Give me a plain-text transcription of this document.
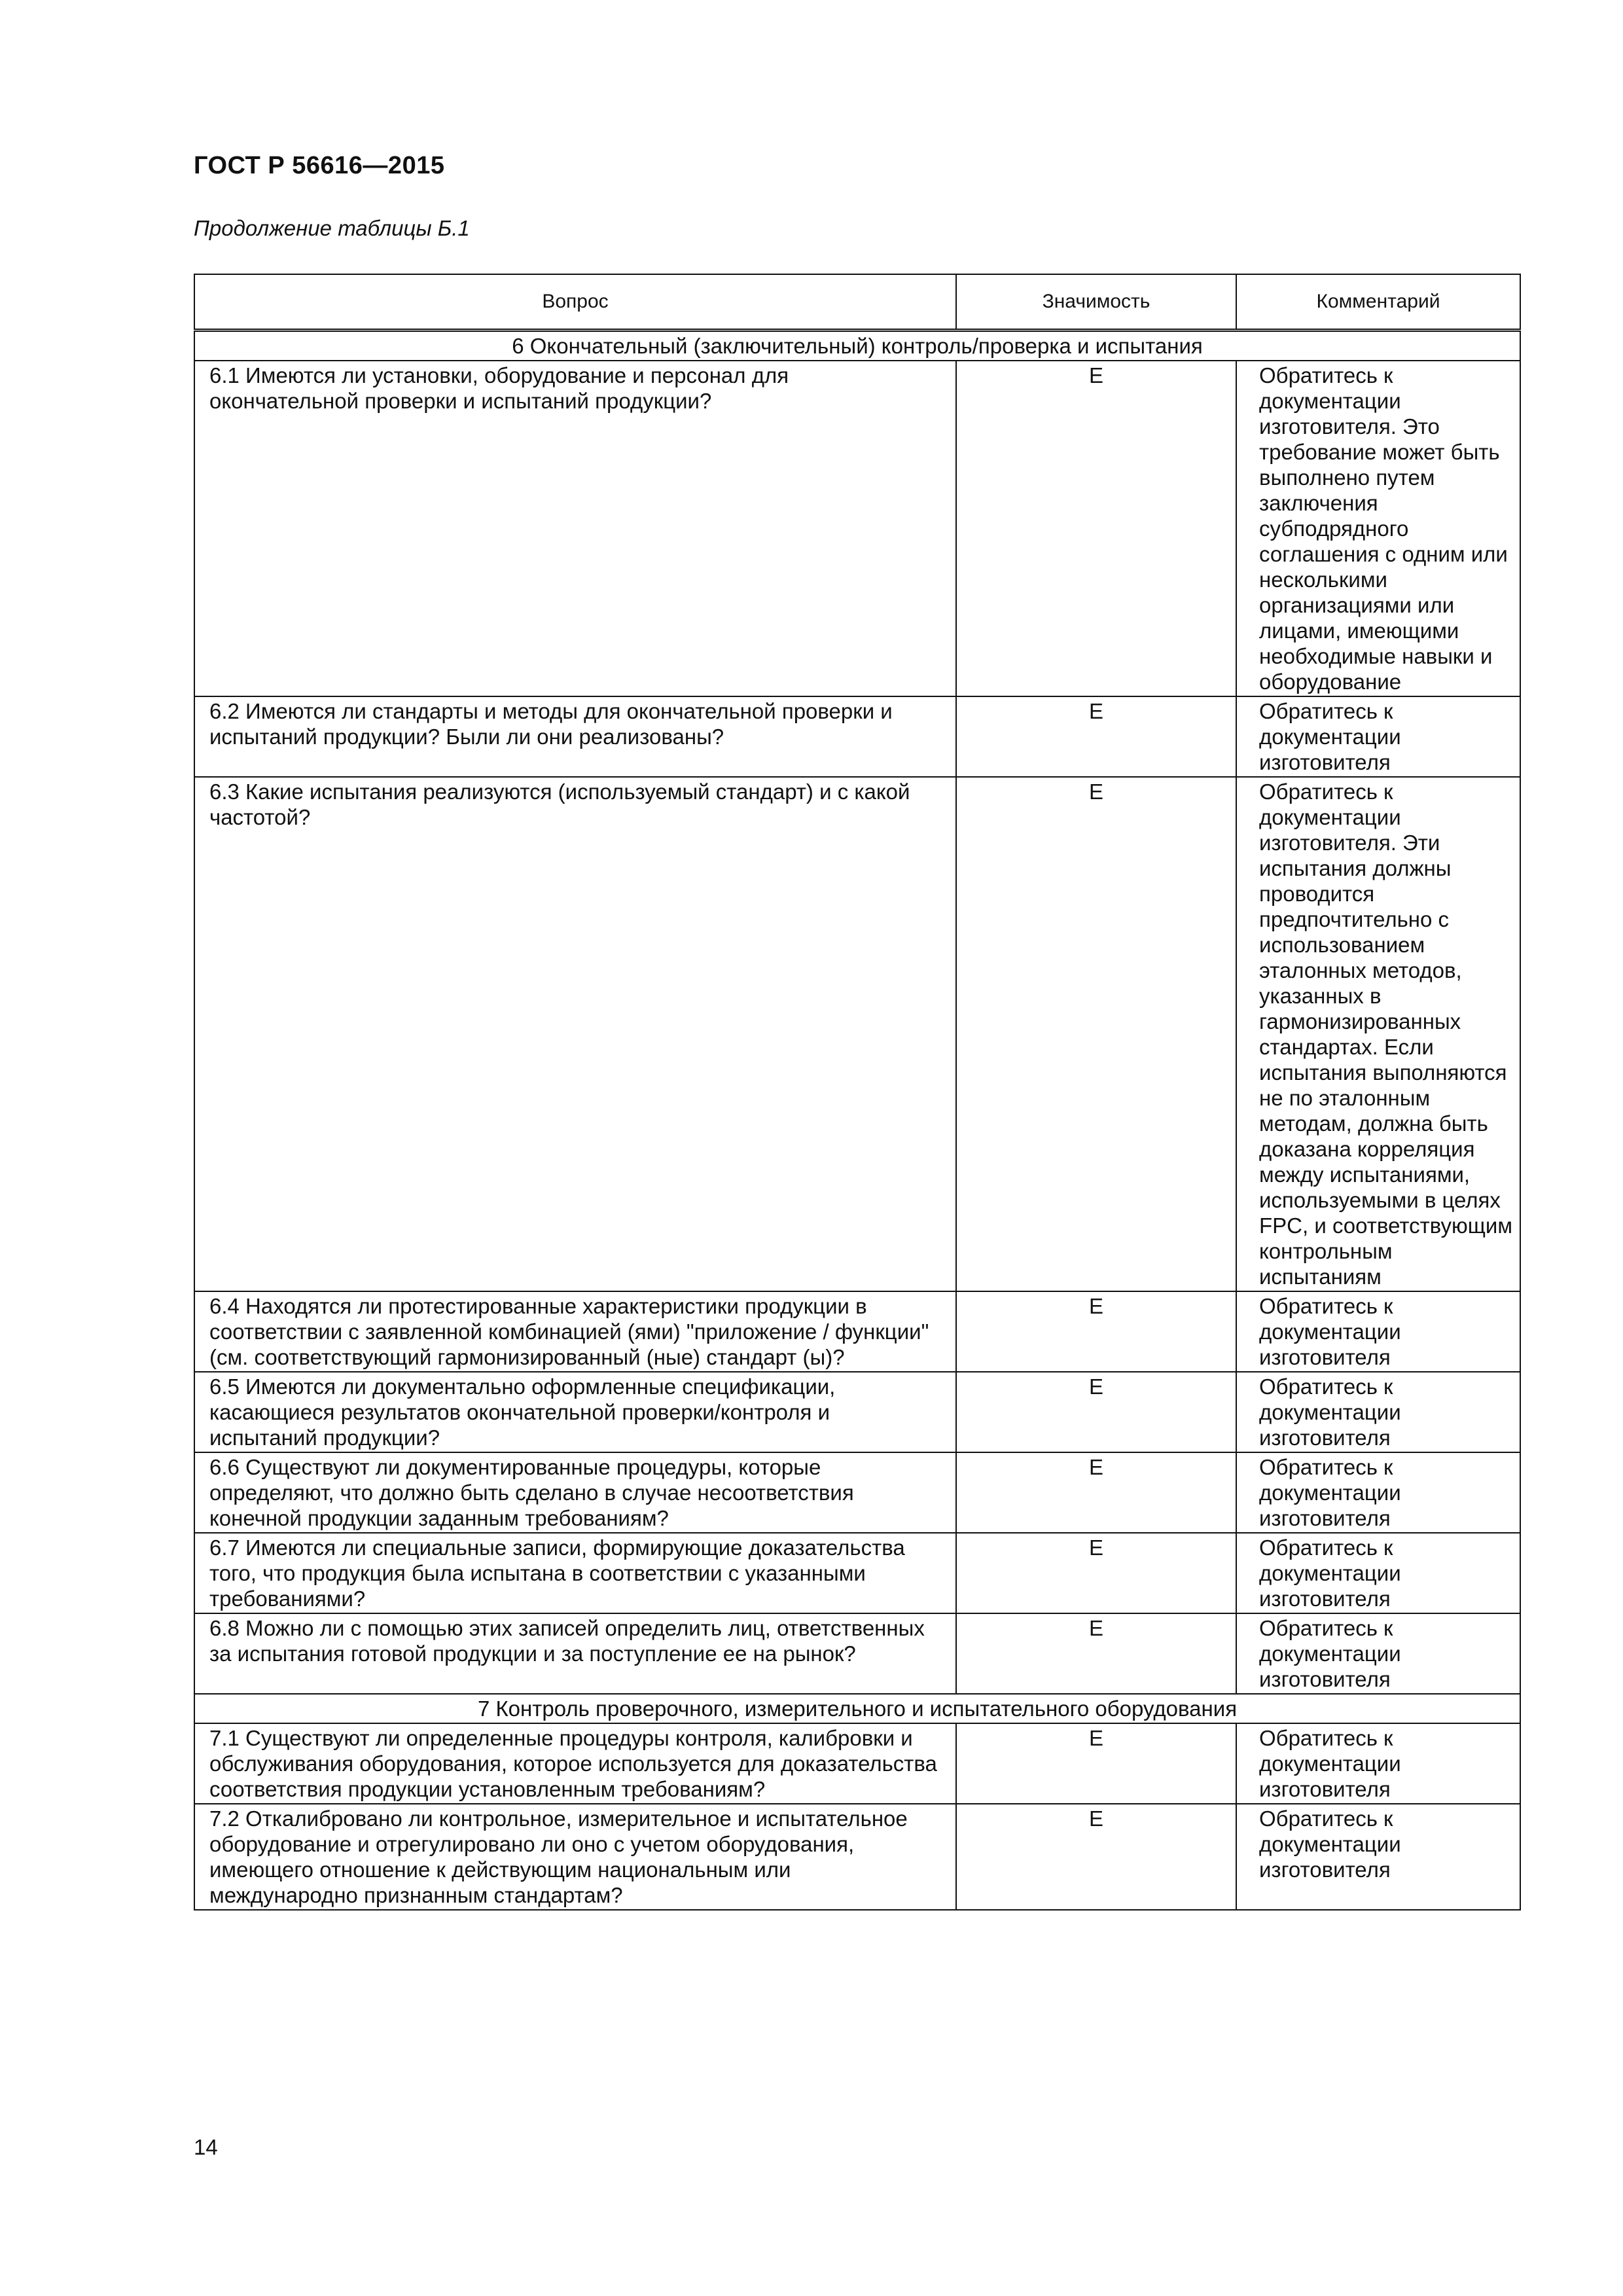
ГОСТ Р 56616—2015
Продолжение таблицы Б.1
Вопрос	Значимость	Комментарий
6 Окончательный (заключительный) контроль/проверка и испытания		
6.1 Имеются ли установки, оборудование и персонал для окончательной проверки и испытаний продукции?	E	Обратитесь к документации изготовителя. Это требование может быть выполнено путем заключения субподрядного соглашения с одним или несколькими организациями или лицами, имеющими необходимые навыки и оборудование
6.2 Имеются ли стандарты и методы для окончательной проверки и испытаний продукции? Были ли они реализованы?	E	Обратитесь к документации изготовителя
6.3 Какие испытания реализуются (используемый стандарт) и с какой частотой?	E	Обратитесь к документации изготовителя. Эти испытания должны проводится предпочтительно с использованием эталонных методов, указанных в гармонизированных стандартах. Если испытания выполняются не по эталонным методам, должна быть доказана корреляция между испытаниями, используемыми в целях FPC, и соответствующим контрольным испытаниям
6.4 Находятся ли протестированные характеристики продукции в соответствии с заявленной комбинацией (ями) "приложение / функции" (см. соответствующий гармонизированный (ные) стандарт (ы)?	E	Обратитесь к документации изготовителя
6.5 Имеются ли документально оформленные спецификации, касающиеся результатов окончательной проверки/контроля и испытаний продукции?	E	Обратитесь к документации изготовителя
6.6 Существуют ли документированные процедуры, которые определяют, что должно быть сделано в случае несоответствия конечной продукции заданным требованиям?	E	Обратитесь к документации изготовителя
6.7 Имеются ли специальные записи, формирующие доказательства того, что продукция была испытана в соответствии с указанными требованиями?	E	Обратитесь к документации изготовителя
6.8 Можно ли с помощью этих записей определить лиц, ответственных за испытания готовой продукции и за поступление ее на рынок?	E	Обратитесь к документации изготовителя
7 Контроль проверочного, измерительного и испытательного оборудования		
7.1 Существуют ли определенные процедуры контроля, калибровки и обслуживания оборудования, которое используется для доказательства соответствия продукции установленным требованиям?	E	Обратитесь к документации изготовителя
7.2 Откалибровано ли контрольное, измерительное и испытательное оборудование и отрегулировано ли оно с учетом оборудования, имеющего отношение к действующим национальным или международно признанным стандартам?	E	Обратитесь к документации изготовителя
14
